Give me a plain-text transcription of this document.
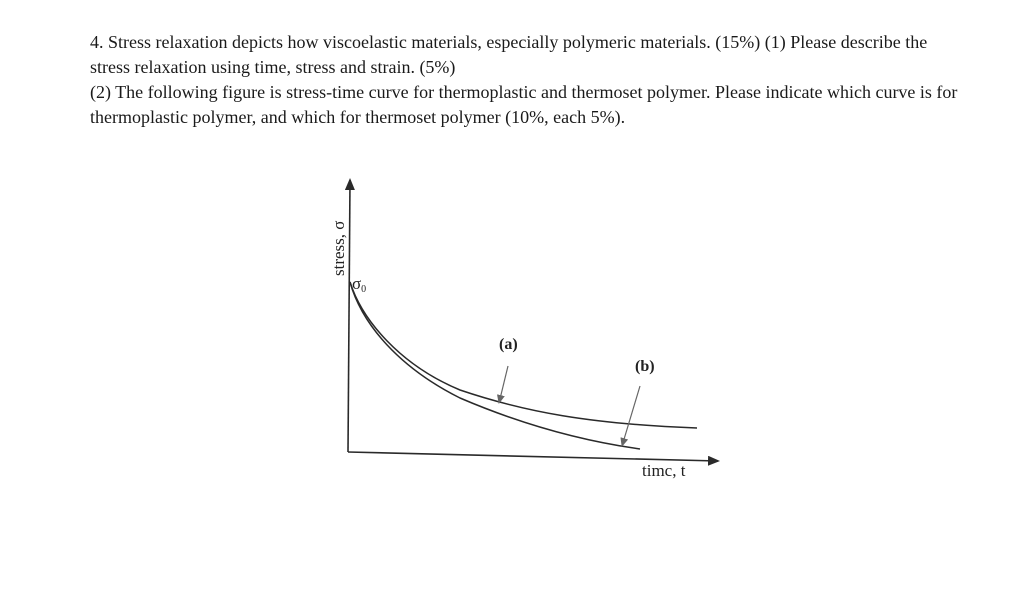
4. Stress relaxation depicts how viscoelastic materials, especially polymeric materials. (15%) (1) Please describe the stress relaxation using time, stress and strain. (5%)

(2) The following figure is stress-time curve for thermoplastic and thermoset polymer. Please indicate which curve is for thermoplastic polymer, and which for thermoset polymer (10%, each 5%).

stress, σ
σ0
(a)
(b)
timc, t
